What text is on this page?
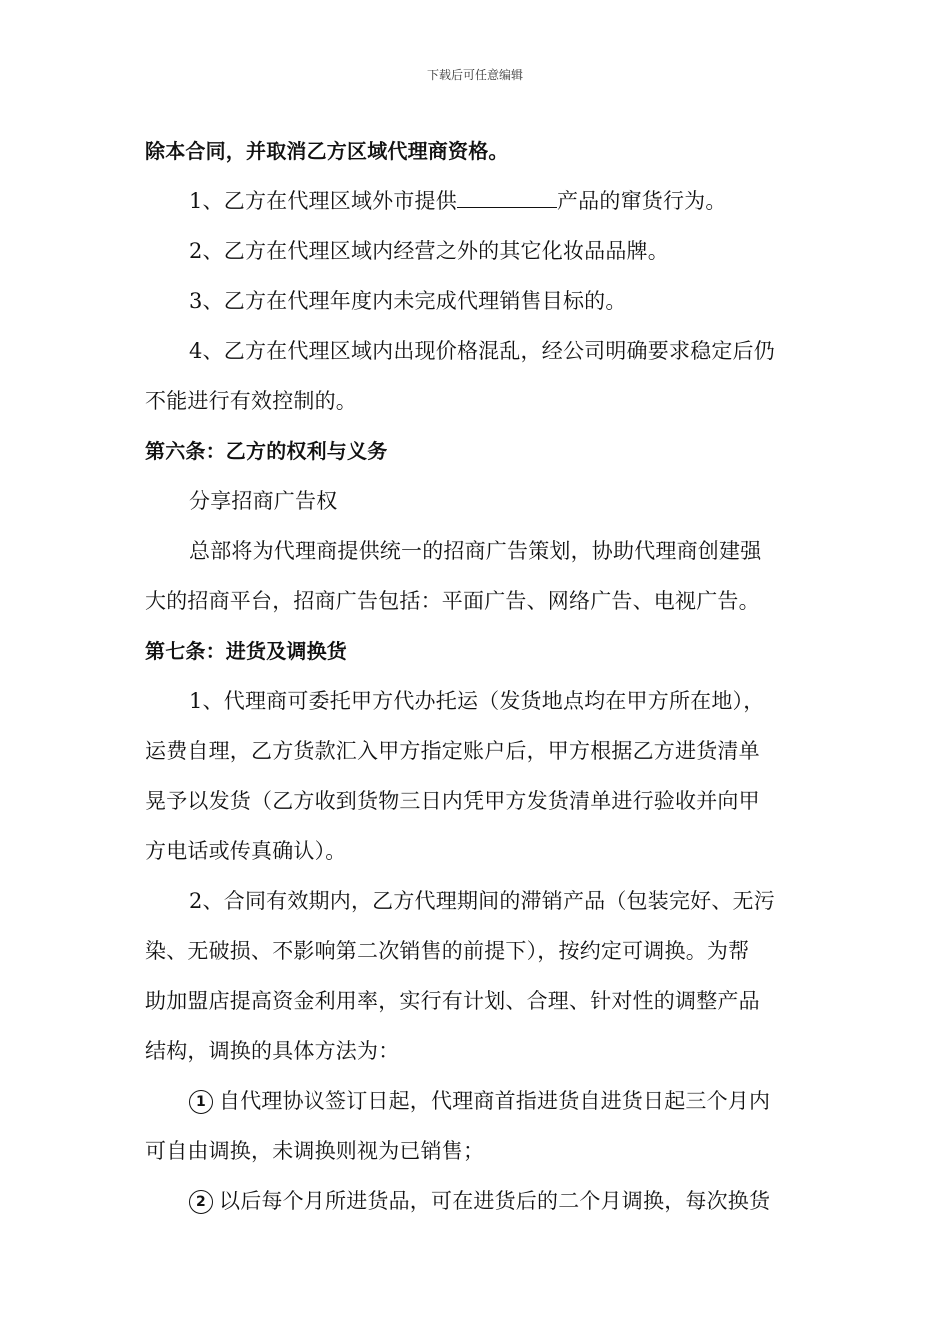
下载后可任意编辑
除本合同，并取消乙方区域代理商资格。
1、乙方在代理区域外市提供	产品的窜货行为。
2、乙方在代理区域内经营之外的其它化妆品品牌。
3、乙方在代理年度内未完成代理销售目标的。
4、乙方在代理区域内出现价格混乱，经公司明确要求稳定后仍
不能进行有效控制的。
第六条：乙方的权利与义务
分享招商广告权
总部将为代理商提供统一的招商广告策划，协助代理商创建强
大的招商平台，招商广告包括：平面广告、网络广告、电视广告。
第七条：进货及调换货
1、代理商可委托甲方代办托运（发货地点均在甲方所在地），
运费自理，乙方货款汇入甲方指定账户后，甲方根据乙方进货清单
晃予以发货（乙方收到货物三日内凭甲方发货清单进行验收并向甲
方电话或传真确认）。
2、合同有效期内，乙方代理期间的滞销产品（包装完好、无污
染、无破损、不影响第二次销售的前提下），按约定可调换。为帮
助加盟店提高资金利用率，实行有计划、合理、针对性的调整产品
结构，调换的具体方法为：
1 自代理协议签订日起，代理商首指进货自进货日起三个月内
可自由调换，未调换则视为已销售；
2 以后每个月所进货品，可在进货后的二个月调换，每次换货
